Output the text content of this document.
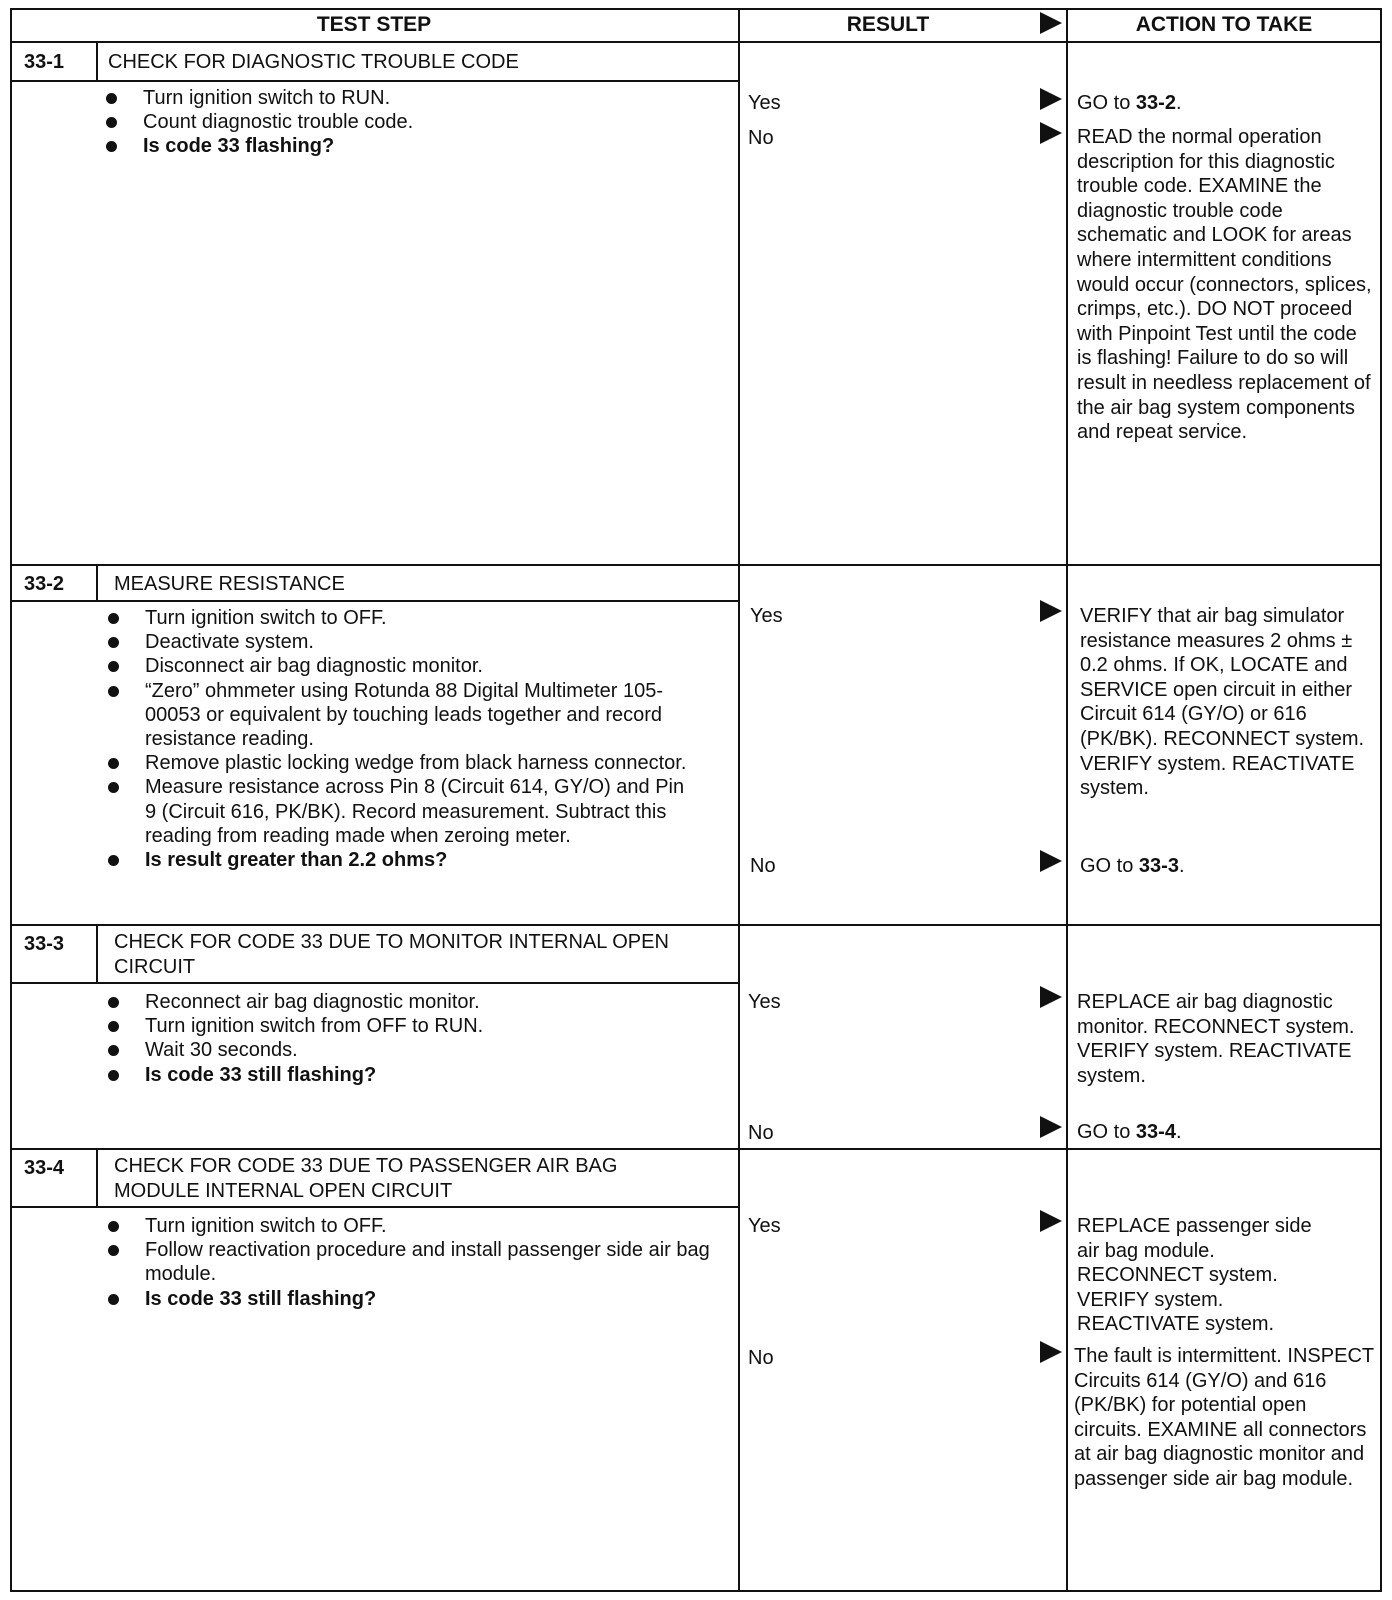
TEST STEP	RESULT	ACTION TO TAKE
33-1 CHECK FOR DIAGNOSTIC TROUBLE CODE
Turn ignition switch to RUN.
Count diagnostic trouble code.
Is code 33 flashing?
Yes	GO to 33-2.
No	READ the normal operation description for this diagnostic trouble code. EXAMINE the diagnostic trouble code schematic and LOOK for areas where intermittent conditions would occur (connectors, splices, crimps, etc.). DO NOT proceed with Pinpoint Test until the code is flashing! Failure to do so will result in needless replacement of the air bag system components and repeat service.
33-2 MEASURE RESISTANCE
Turn ignition switch to OFF.
Deactivate system.
Disconnect air bag diagnostic monitor.
“Zero” ohmmeter using Rotunda 88 Digital Multimeter 105-00053 or equivalent by touching leads together and record resistance reading.
Remove plastic locking wedge from black harness connector.
Measure resistance across Pin 8 (Circuit 614, GY/O) and Pin 9 (Circuit 616, PK/BK). Record measurement. Subtract this reading from reading made when zeroing meter.
Is result greater than 2.2 ohms?
Yes	VERIFY that air bag simulator resistance measures 2 ohms ± 0.2 ohms. If OK, LOCATE and SERVICE open circuit in either Circuit 614 (GY/O) or 616 (PK/BK). RECONNECT system. VERIFY system. REACTIVATE system.
No	GO to 33-3.
33-3 CHECK FOR CODE 33 DUE TO MONITOR INTERNAL OPEN CIRCUIT
Reconnect air bag diagnostic monitor.
Turn ignition switch from OFF to RUN.
Wait 30 seconds.
Is code 33 still flashing?
Yes	REPLACE air bag diagnostic monitor. RECONNECT system. VERIFY system. REACTIVATE system.
No	GO to 33-4.
33-4 CHECK FOR CODE 33 DUE TO PASSENGER AIR BAG MODULE INTERNAL OPEN CIRCUIT
Turn ignition switch to OFF.
Follow reactivation procedure and install passenger side air bag module.
Is code 33 still flashing?
Yes	REPLACE passenger side air bag module. RECONNECT system. VERIFY system. REACTIVATE system.
No	The fault is intermittent. INSPECT Circuits 614 (GY/O) and 616 (PK/BK) for potential open circuits. EXAMINE all connectors at air bag diagnostic monitor and passenger side air bag module.
